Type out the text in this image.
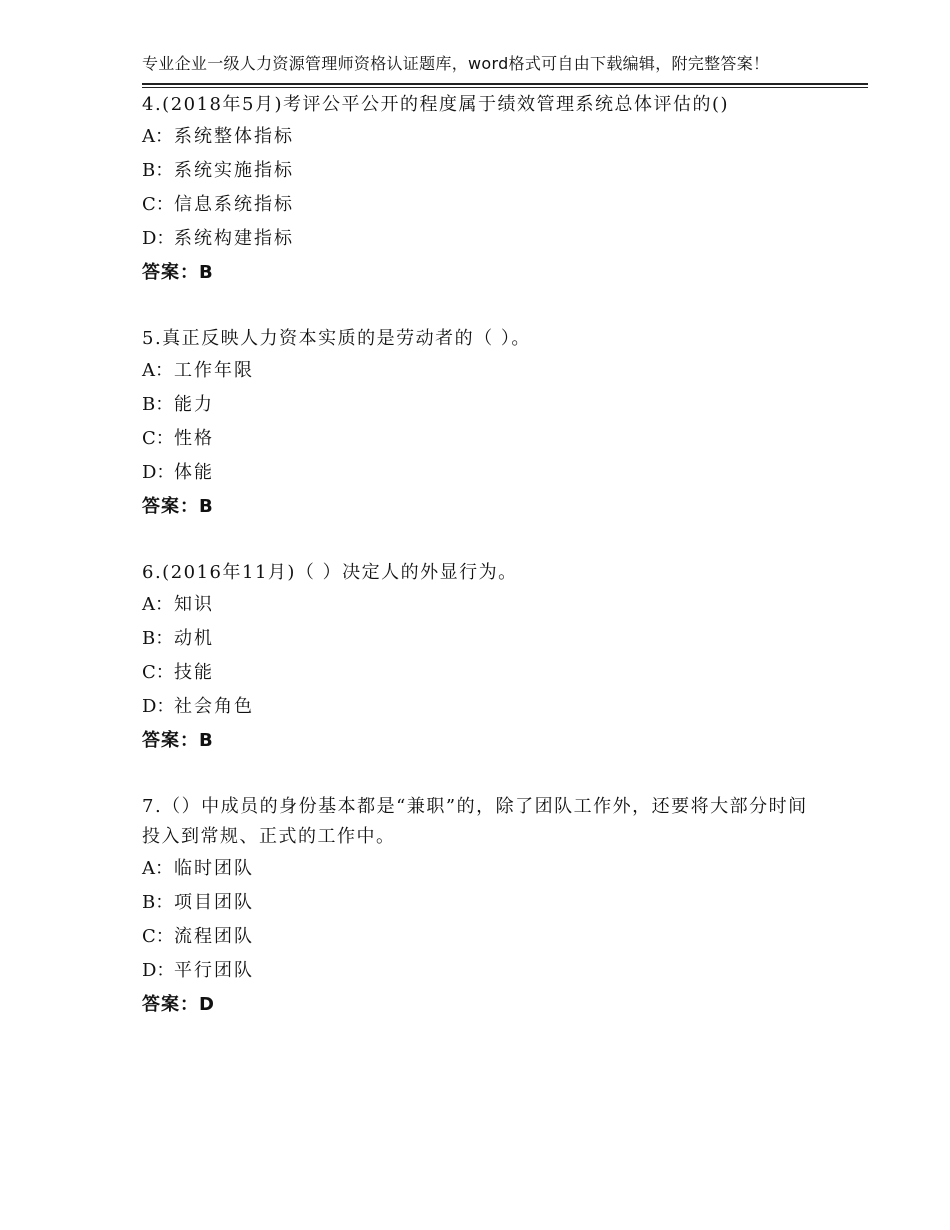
专业企业一级人力资源管理师资格认证题库，word格式可自由下载编辑，附完整答案！
4.(2018年5月)考评公平公开的程度属于绩效管理系统总体评估的()
A： 系统整体指标
B： 系统实施指标
C： 信息系统指标
D： 系统构建指标
答案：B
5.真正反映人力资本实质的是劳动者的（ ）。
A： 工作年限
B： 能力
C： 性格
D： 体能
答案：B
6.(2016年11月)（ ）决定人的外显行为。
A： 知识
B： 动机
C： 技能
D： 社会角色
答案：B
7.（）中成员的身份基本都是“兼职”的，除了团队工作外，还要将大部分时间 投入到常规、正式的工作中。
A： 临时团队
B： 项目团队
C： 流程团队
D： 平行团队
答案：D
